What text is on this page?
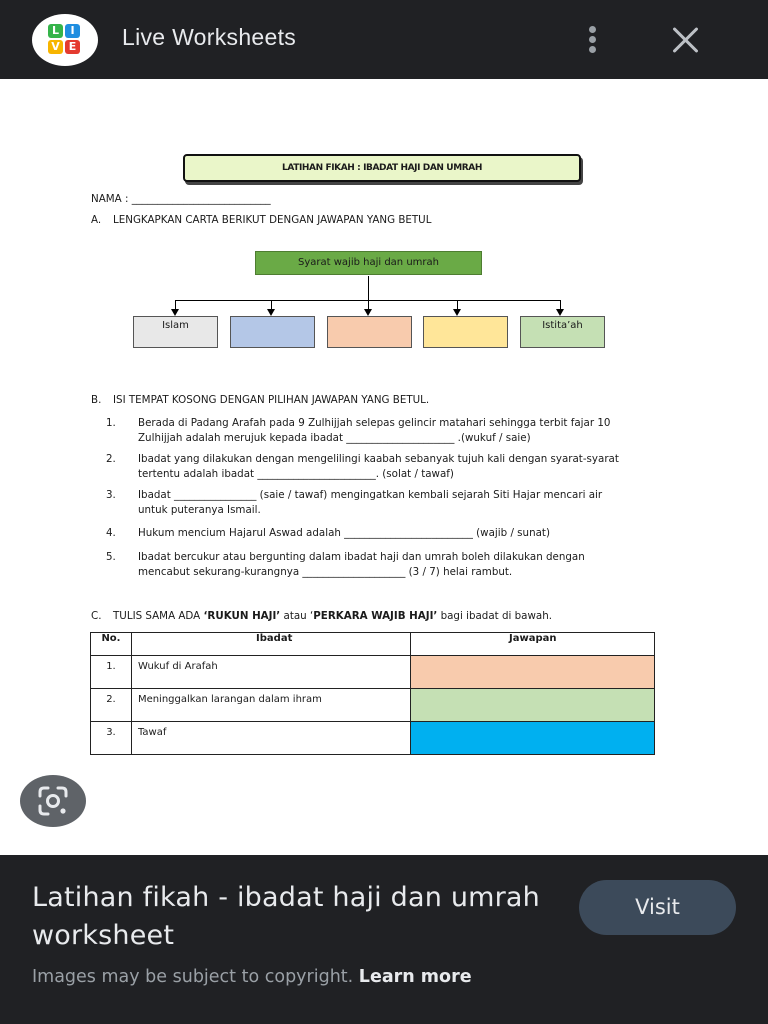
L	I
V E Live Worksheets
LATIHAN FIKAH : IBADAT HAJI DAN UMRAH
NAMA : ___________________________
A. LENGKAPKAN CARTA BERIKUT DENGAN JAWAPAN YANG BETUL
Syarat wajib haji dan umrah
Islam	Istita’ah
B. ISI TEMPAT KOSONG DENGAN PILIHAN JAWAPAN YANG BETUL.
1. Berada di Padang Arafah pada 9 Zulhijjah selepas gelincir matahari sehingga terbit fajar 10
Zulhijjah adalah merujuk kepada ibadat _____________________ .(wukuf / saie)
2. Ibadat yang dilakukan dengan mengelilingi kaabah sebanyak tujuh kali dengan syarat-syarat
tertentu adalah ibadat _______________________. (solat / tawaf)
3. Ibadat ________________ (saie / tawaf) mengingatkan kembali sejarah Siti Hajar mencari air
untuk puteranya Ismail.
4. Hukum mencium Hajarul Aswad adalah _________________________ (wajib / sunat)
5. Ibadat bercukur atau bergunting dalam ibadat haji dan umrah boleh dilakukan dengan
mencabut sekurang-kurangnya ____________________ (3 / 7) helai rambut.
C. TULIS SAMA ADA ‘RUKUN HAJI’ atau ‘PERKARA WAJIB HAJI’ bagi ibadat di bawah.
No.	Ibadat	Jawapan
1.	Wukuf di Arafah	
2.	Meninggalkan larangan dalam ihram	
3.	Tawaf	
Latihan fikah - ibadat haji dan umrah worksheet
Visit
Images may be subject to copyright. Learn more
